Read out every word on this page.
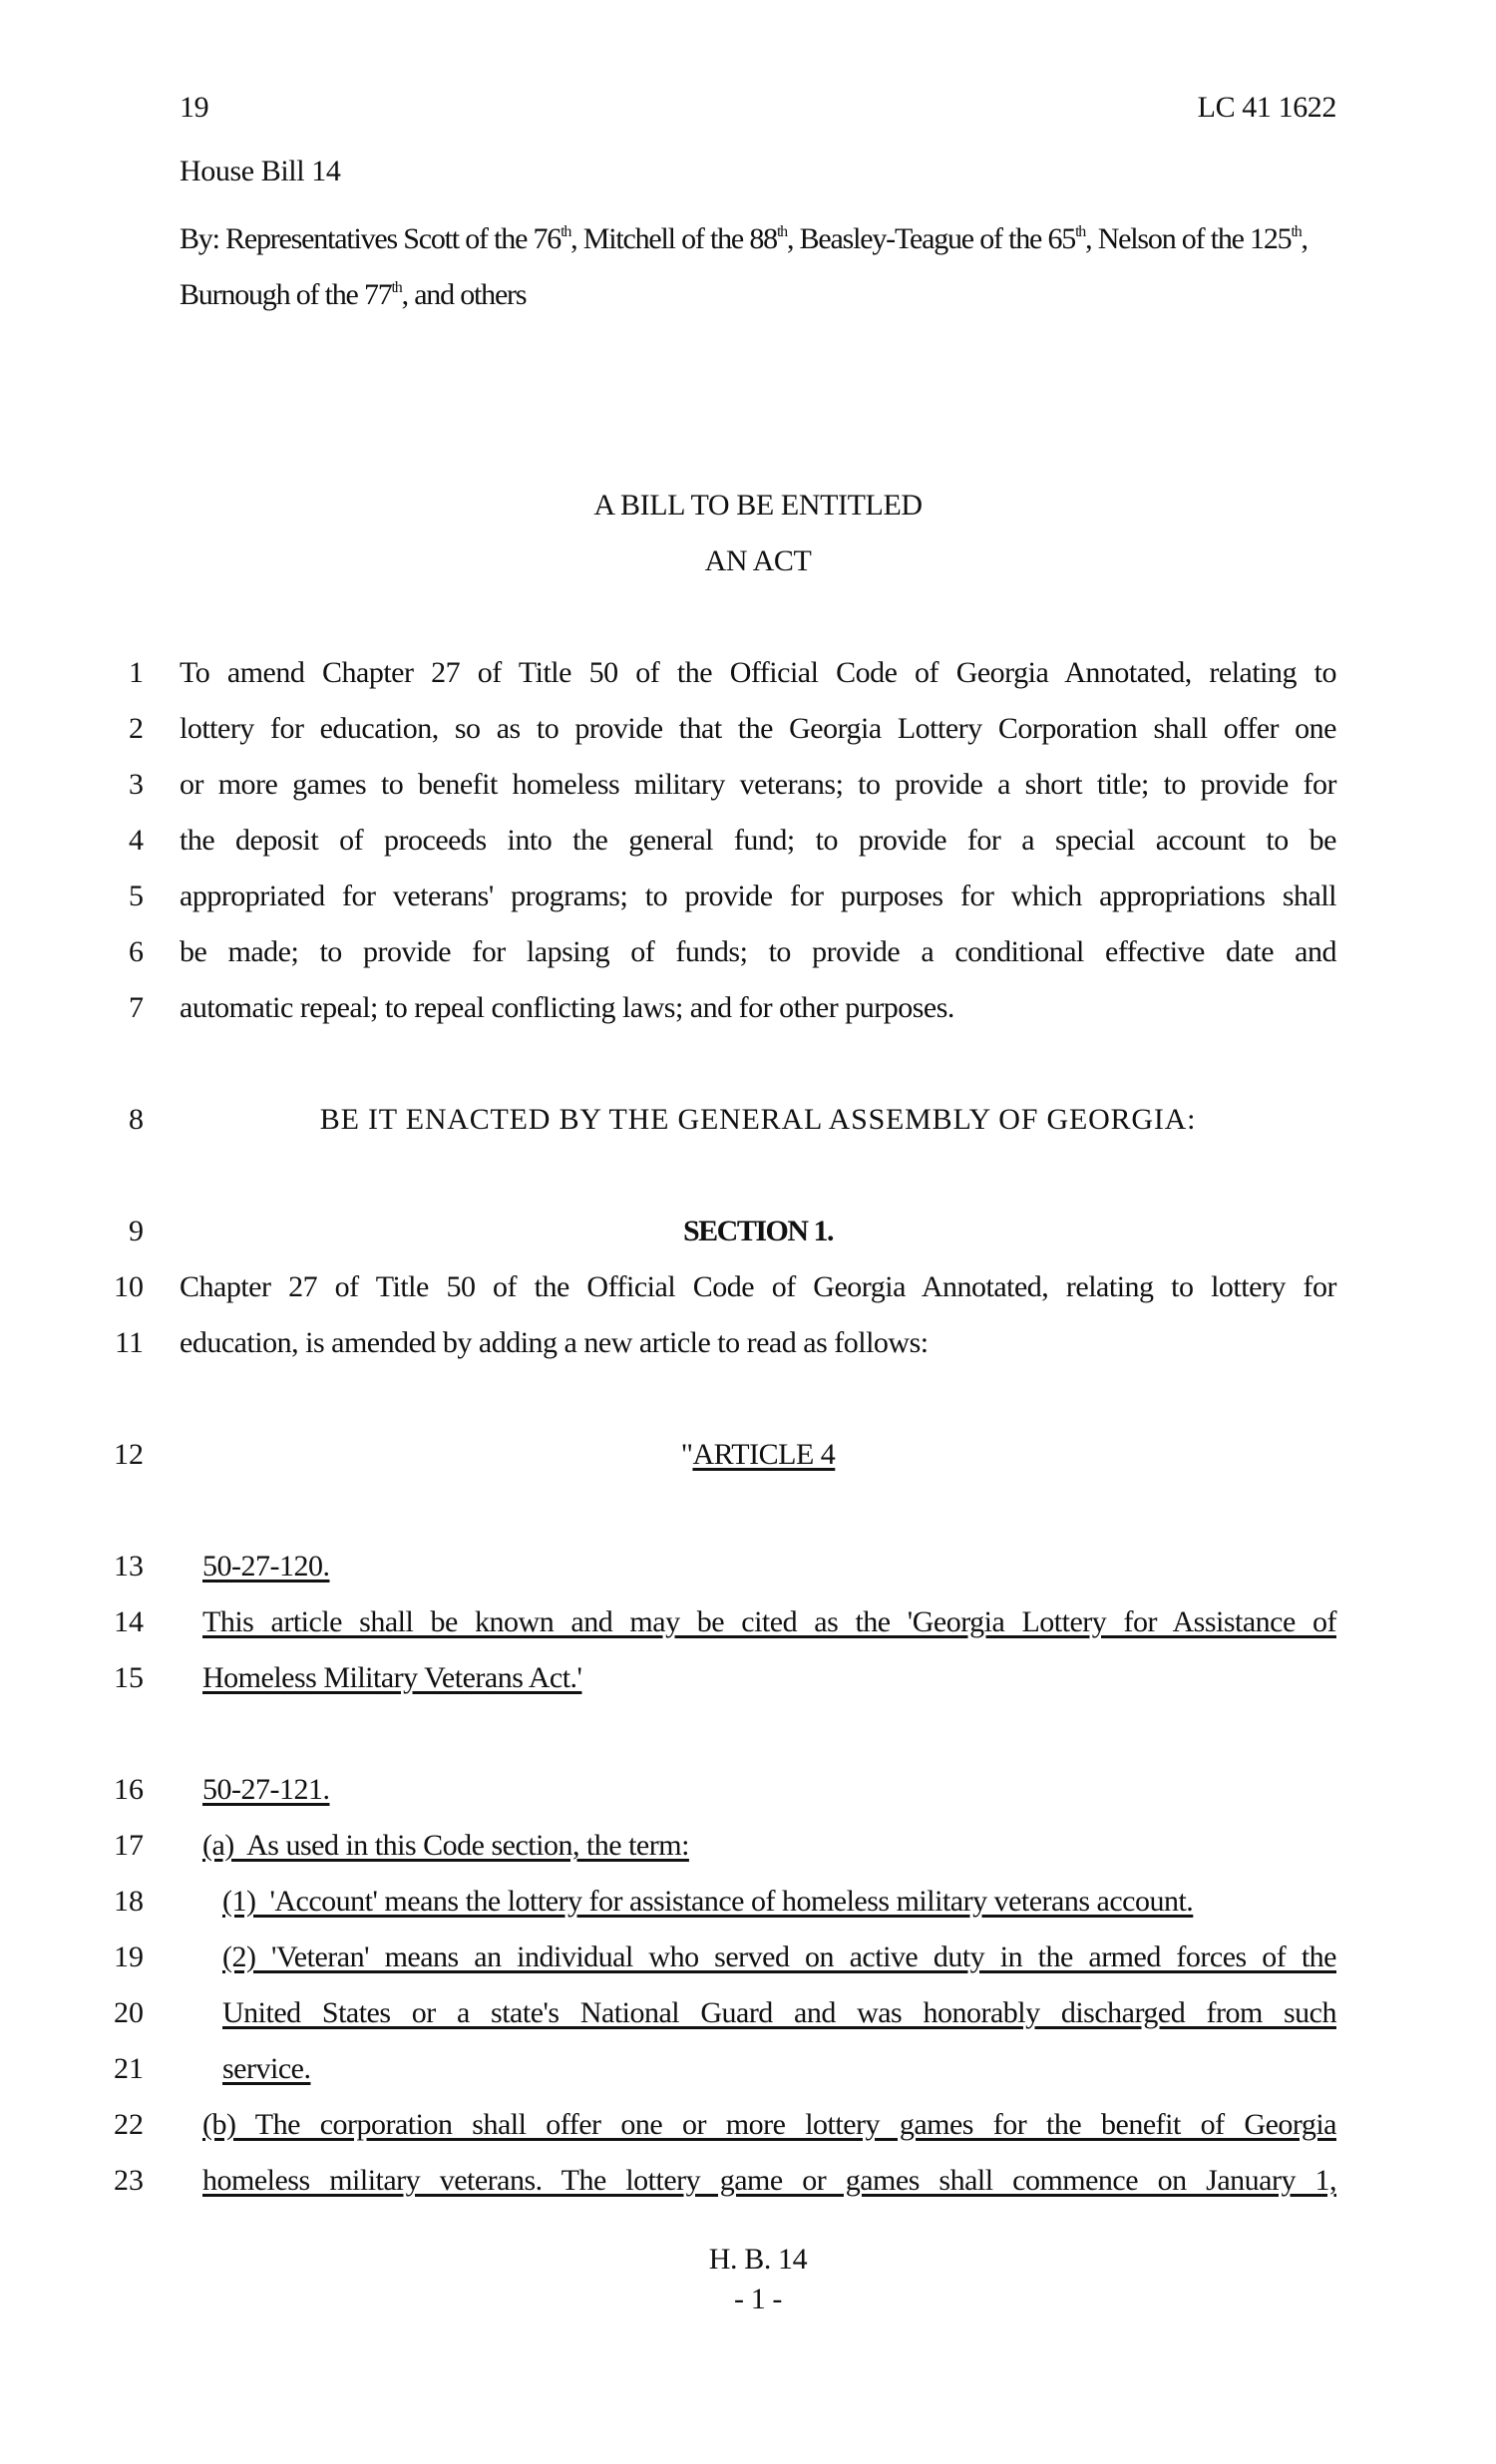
19	LC 41 1622
House Bill 14
By: Representatives Scott of the 76th, Mitchell of the 88th, Beasley-Teague of the 65th, Nelson of the 125th, Burnough of the 77th, and others
A BILL TO BE ENTITLED
AN ACT
1 To amend Chapter 27 of Title 50 of the Official Code of Georgia Annotated, relating to
2 lottery for education, so as to provide that the Georgia Lottery Corporation shall offer one
3 or more games to benefit homeless military veterans; to provide a short title; to provide for
4 the deposit of proceeds into the general fund; to provide for a special account to be
5 appropriated for veterans' programs; to provide for purposes for which appropriations shall
6 be made; to provide for lapsing of funds; to provide a conditional effective date and
7 automatic repeal; to repeal conflicting laws; and for other purposes.
8	BE IT ENACTED BY THE GENERAL ASSEMBLY OF GEORGIA:
9	SECTION 1.
10 Chapter 27 of Title 50 of the Official Code of Georgia Annotated, relating to lottery for
11 education, is amended by adding a new article to read as follows:
12	"ARTICLE 4
13 50-27-120.
14 This article shall be known and may be cited as the 'Georgia Lottery for Assistance of
15 Homeless Military Veterans Act.'
16 50-27-121.
17 (a)  As used in this Code section, the term:
18	(1)  'Account' means the lottery for assistance of homeless military veterans account.
19	(2) 'Veteran' means an individual who served on active duty in the armed forces of the
20	United States or a state's National Guard and was honorably discharged from such
21	service.
22 (b) The corporation shall offer one or more lottery games for the benefit of Georgia
23 homeless military veterans. The lottery game or games shall commence on January 1,
H. B. 14
- 1 -
